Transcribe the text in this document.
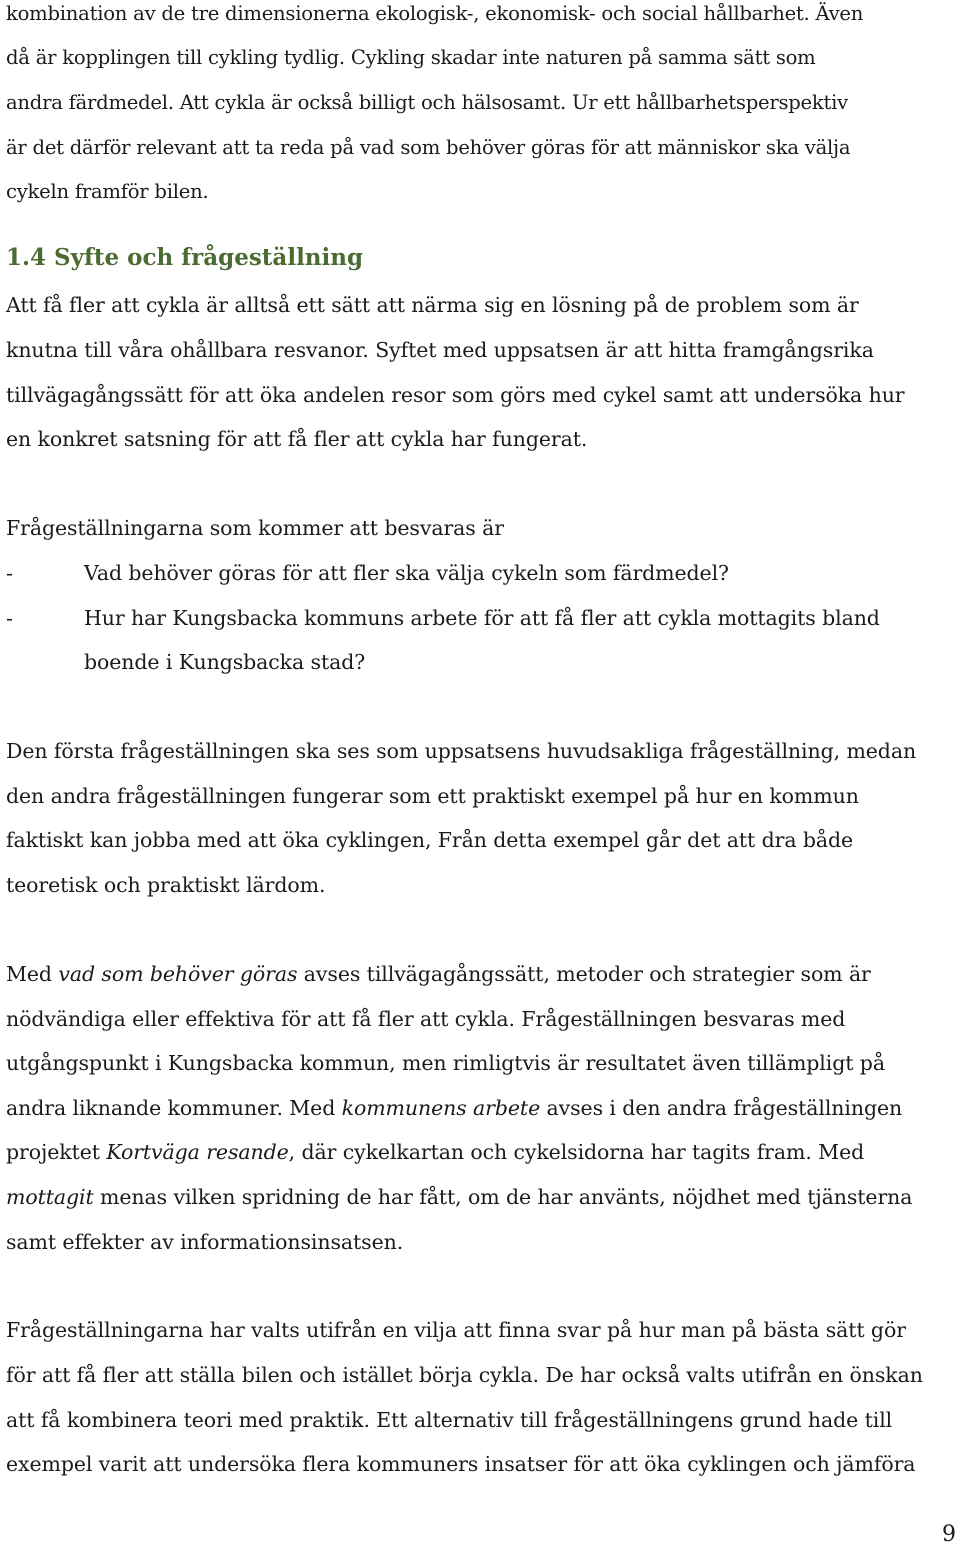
kombination av de tre dimensionerna ekologisk-, ekonomisk- och social hållbarhet. Även
då är kopplingen till cykling tydlig. Cykling skadar inte naturen på samma sätt som
andra färdmedel. Att cykla är också billigt och hälsosamt. Ur ett hållbarhetsperspektiv
är det därför relevant att ta reda på vad som behöver göras för att människor ska välja
cykeln framför bilen.
1.4 Syfte och frågeställning
Att få fler att cykla är alltså ett sätt att närma sig en lösning på de problem som är
knutna till våra ohållbara resvanor. Syftet med uppsatsen är att hitta framgångsrika
tillvägagångssätt för att öka andelen resor som görs med cykel samt att undersöka hur
en konkret satsning för att få fler att cykla har fungerat.
Frågeställningarna som kommer att besvaras är
-	Vad behöver göras för att fler ska välja cykeln som färdmedel?
-	Hur har Kungsbacka kommuns arbete för att få fler att cykla mottagits bland
boende i Kungsbacka stad?
Den första frågeställningen ska ses som uppsatsens huvudsakliga frågeställning, medan
den andra frågeställningen fungerar som ett praktiskt exempel på hur en kommun
faktiskt kan jobba med att öka cyklingen, Från detta exempel går det att dra både
teoretisk och praktiskt lärdom.
Med vad som behöver göras avses tillvägagångssätt, metoder och strategier som är
nödvändiga eller effektiva för att få fler att cykla. Frågeställningen besvaras med
utgångspunkt i Kungsbacka kommun, men rimligtvis är resultatet även tillämpligt på
andra liknande kommuner. Med kommunens arbete avses i den andra frågeställningen
projektet Kortväga resande, där cykelkartan och cykelsidorna har tagits fram. Med
mottagit menas vilken spridning de har fått, om de har använts, nöjdhet med tjänsterna
samt effekter av informationsinsatsen.
Frågeställningarna har valts utifrån en vilja att finna svar på hur man på bästa sätt gör
för att få fler att ställa bilen och istället börja cykla. De har också valts utifrån en önskan
att få kombinera teori med praktik. Ett alternativ till frågeställningens grund hade till
exempel varit att undersöka flera kommuners insatser för att öka cyklingen och jämföra
9
